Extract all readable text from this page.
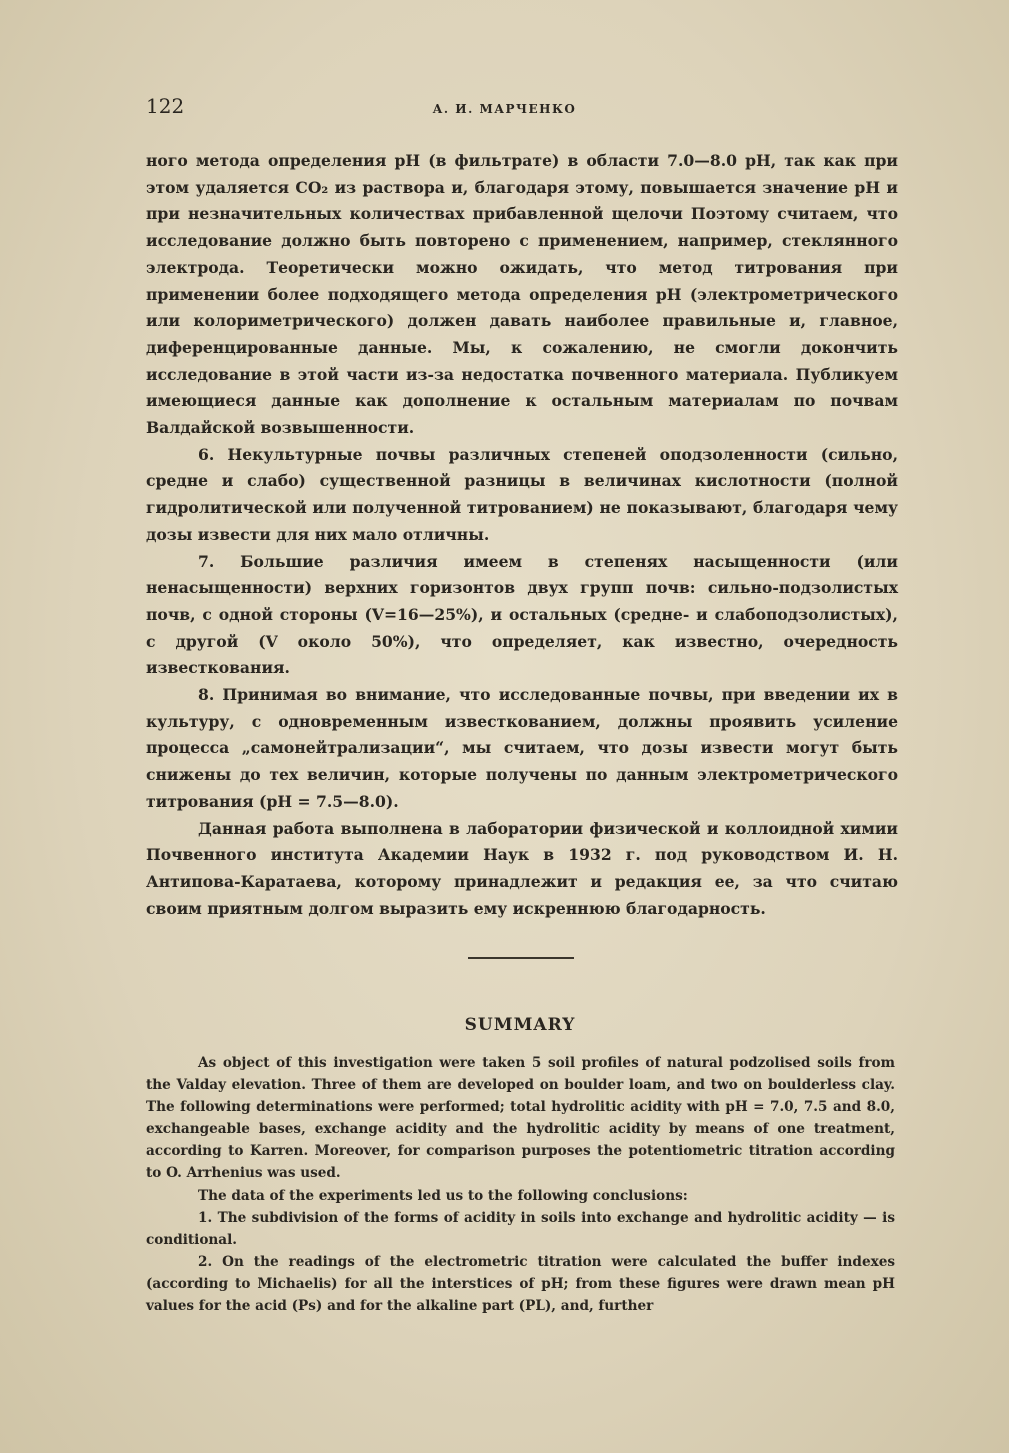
122	А. И. МАРЧЕНКО

ного метода определения pH (в фильтрате) в области 7.0—8.0 pH, так как при этом удаляется CO₂ из раствора и, благодаря этому, повышается значение pH и при незначительных количествах прибавленной щелочи Поэтому считаем, что исследование должно быть повторено с применением, например, стеклянного электрода. Теоретически можно ожидать, что метод титрования при применении более подходящего метода определения pH (электрометрического или колориметрического) должен давать наиболее правильные и, главное, диференцированные данные. Мы, к сожалению, не смогли докончить исследование в этой части из-за недостатка почвенного материала. Публикуем имеющиеся данные как дополнение к остальным материалам по почвам Валдайской возвышенности.

6. Некультурные почвы различных степеней оподзоленности (сильно, средне и слабо) существенной разницы в величинах кислотности (полной гидролитической или полученной титрованием) не показывают, благодаря чему дозы извести для них мало отличны.

7. Большие различия имеем в степенях насыщенности (или ненасыщенности) верхних горизонтов двух групп почв: сильно-подзолистых почв, с одной стороны (V=16—25%), и остальных (средне- и слабоподзолистых), с другой (V около 50%), что определяет, как известно, очередность известкования.

8. Принимая во внимание, что исследованные почвы, при введении их в культуру, с одновременным известкованием, должны проявить усиление процесса „самонейтрализации“, мы считаем, что дозы извести могут быть снижены до тех величин, которые получены по данным электрометрического титрования (pH = 7.5—8.0).

Данная работа выполнена в лаборатории физической и коллоидной химии Почвенного института Академии Наук в 1932 г. под руководством И. Н. Антипова-Каратаева, которому принадлежит и редакция ее, за что считаю своим приятным долгом выразить ему искреннюю благодарность.

SUMMARY

As object of this investigation were taken 5 soil profiles of natural podzolised soils from the Valday elevation. Three of them are developed on boulder loam, and two on boulderless clay. The following determinations were performed; total hydrolitic acidity with pH = 7.0, 7.5 and 8.0, exchangeable bases, exchange acidity and the hydrolitic acidity by means of one treatment, according to Karren. Moreover, for comparison purposes the potentiometric titration according to O. Arrhenius was used.

The data of the experiments led us to the following conclusions:

1. The subdivision of the forms of acidity in soils into exchange and hydrolitic acidity — is conditional.

2. On the readings of the electrometric titration were calculated the buffer indexes (according to Michaelis) for all the interstices of pH; from these figures were drawn mean pH values for the acid (Ps) and for the alkaline part (PL), and, further
